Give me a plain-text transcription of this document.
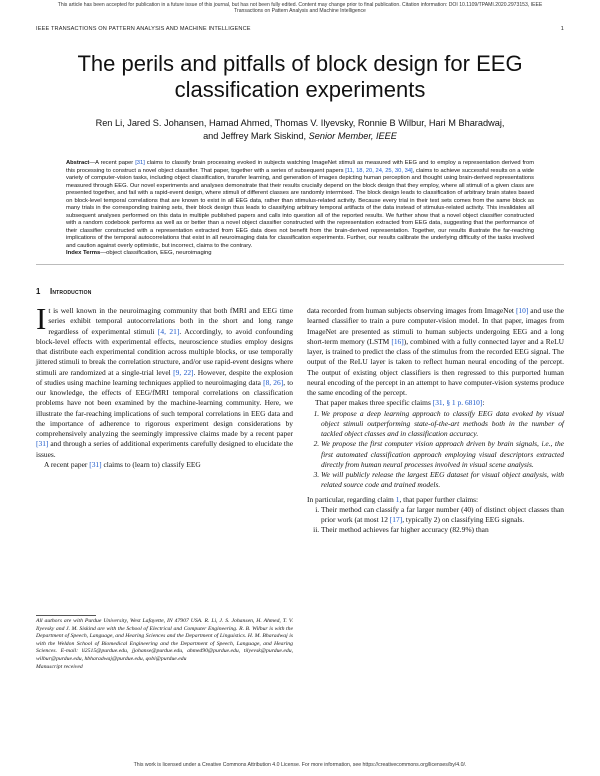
This article has been accepted for publication in a future issue of this journal, but has not been fully edited. Content may change prior to final publication. Citation information: DOI 10.1109/TPAMI.2020.2973153, IEEE
Transactions on Pattern Analysis and Machine Intelligence
IEEE TRANSACTIONS ON PATTERN ANALYSIS AND MACHINE INTELLIGENCE	1
The perils and pitfalls of block design for EEG
classification experiments
Ren Li, Jared S. Johansen, Hamad Ahmed, Thomas V. Ilyevsky, Ronnie B Wilbur, Hari M Bharadwaj,
and Jeffrey Mark Siskind, Senior Member, IEEE
Abstract—A recent paper [31] claims to classify brain processing evoked in subjects watching ImageNet stimuli as measured with EEG and to employ a representation derived from this processing to construct a novel object classifier. That paper, together with a series of subsequent papers [11, 18, 20, 24, 25, 30, 34], claims to achieve successful results on a wide variety of computer-vision tasks, including object classification, transfer learning, and generation of images depicting human perception and thought using brain-derived representations measured through EEG. Our novel experiments and analyses demonstrate that their results crucially depend on the block design that they employ, where all stimuli of a given class are presented together, and fail with a rapid-event design, where stimuli of different classes are randomly intermixed. The block design leads to classification of arbitrary brain states based on block-level temporal correlations that are known to exist in all EEG data, rather than stimulus-related activity. Because every trial in their test sets comes from the same block as many trials in the corresponding training sets, their block design thus leads to classifying arbitrary temporal artifacts of the data instead of stimulus-related activity. This invalidates all subsequent analyses performed on this data in multiple published papers and calls into question all of the reported results. We further show that a novel object classifier constructed with a random codebook performs as well as or better than a novel object classifier constructed with the representation extracted from EEG data, suggesting that the performance of their classifier constructed with a representation extracted from EEG data does not benefit from the brain-derived representation. Together, our results illustrate the far-reaching implications of the temporal autocorrelations that exist in all neuroimaging data for classification experiments. Further, our results calibrate the underlying difficulty of the tasks involved and caution against overly optimistic, but incorrect, claims to the contrary.
Index Terms—object classification, EEG, neuroimaging
1 Introduction

It is well known in the neuroimaging community that both fMRI and EEG time series exhibit temporal autocorrelations both in the short and long range regardless of experimental stimuli [4, 21]. Accordingly, to avoid confounding block-level effects with experimental effects, neuroscience studies employ designs that distribute each experimental condition across multiple blocks, or use temporally jittered stimuli to break the correlation structure, and/or use rapid-event designs where stimuli are randomized at a single-trial level [9, 22]. However, despite the explosion of studies using machine learning techniques applied to neuroimaging data [8, 26], to our knowledge, the effects of EEG/fMRI temporal correlations on classification problems have not been examined by the machine-learning community. Here, we illustrate the far-reaching implications of such temporal correlations in EEG data and the importance of adherence to rigorous experiment design considerations by comprehensively analyzing the seemingly impressive claims made by a recent paper [31] and through a series of additional experiments carefully designed to elucidate the issues.

A recent paper [31] claims to (learn to) classify EEG

All authors are with Purdue University, West Lafayette, IN 47907 USA. R. Li, J. S. Johansen, H. Ahmed, T. V. Ilyevsky and J. M. Siskind are with the School of Electrical and Computer Engineering. R. B. Wilbur is with the Department of Speech, Language, and Hearing Sciences and the Department of Linguistics. H. M. Bharadwaj is with the Weldon School of Biomedical Engineering and the Department of Speech, Language, and Hearing Sciences. E-mail: li2515@purdue.edu, jjohanse@purdue.edu, ahmed90@purdue.edu, tilyevsk@purdue.edu, wilbur@purdue.edu, hbharadwaj@purdue.edu, qobi@purdue.edu
Manuscript received

data recorded from human subjects observing images from ImageNet [10] and use the learned classifier to train a pure computer-vision model. In that paper, images from ImageNet are presented as stimuli to human subjects undergoing EEG and a long short-term memory (LSTM [16]), combined with a fully connected layer and a ReLU layer, is trained to predict the class of the stimulus from the recorded EEG signal. The output of the ReLU layer is taken to reflect human neural encoding of the percept. The output of existing object classifiers is then regressed to this purported human neural encoding of the percept in an attempt to have computer-vision systems produce the same encoding of the percept.

That paper makes three specific claims [31, § 1 p. 6810]:

1. We propose a deep learning approach to classify EEG data evoked by visual object stimuli outperforming state-of-the-art methods both in the number of tackled object classes and in classification accuracy.
2. We propose the first computer vision approach driven by brain signals, i.e., the first automated classification approach employing visual descriptors extracted directly from human neural processes involved in visual scene analysis.
3. We will publicly release the largest EEG dataset for visual object analysis, with related source code and trained models.

In particular, regarding claim 1, that paper further claims:

i. Their method can classify a far larger number (40) of distinct object classes than prior work (at most 12 [17], typically 2) on classifying EEG signals.
ii. Their method achieves far higher accuracy (82.9%) than
This work is licensed under a Creative Commons Attribution 4.0 License. For more information, see https://creativecommons.org/licenses/by/4.0/.
